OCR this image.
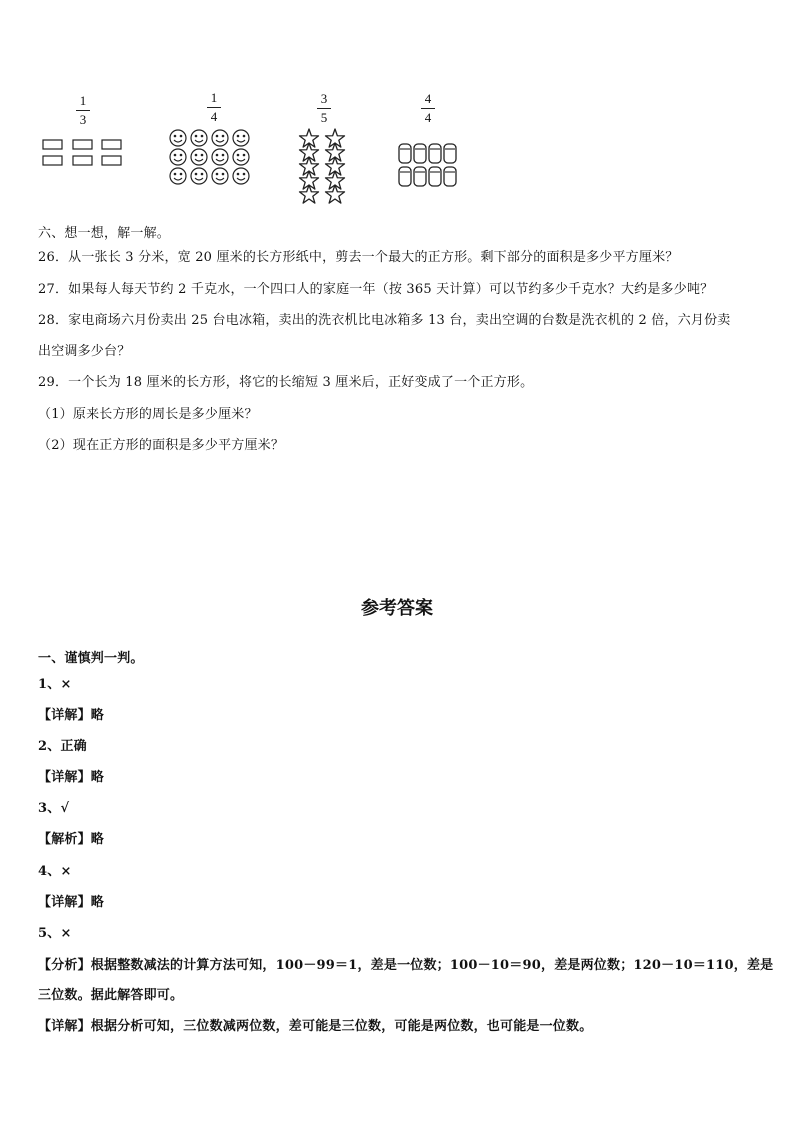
1
3
1
4
3
5
4
4
六、想一想，解一解。
26．从一张长 3 分米，宽 20 厘米的长方形纸中，剪去一个最大的正方形。剩下部分的面积是多少平方厘米？
27．如果每人每天节约 2 千克水，一个四口人的家庭一年（按 365 天计算）可以节约多少千克水？大约是多少吨？
28．家电商场六月份卖出 25 台电冰箱，卖出的洗衣机比电冰箱多 13 台，卖出空调的台数是洗衣机的 2 倍，六月份卖
出空调多少台？
29．一个长为 18 厘米的长方形，将它的长缩短 3 厘米后，正好变成了一个正方形。
（1）原来长方形的周长是多少厘米？
（2）现在正方形的面积是多少平方厘米？
参考答案
一、谨慎判一判。
1、×
【详解】略
2、正确
【详解】略
3、√
【解析】略
4、×
【详解】略
5、×
【分析】根据整数减法的计算方法可知，100－99＝1，差是一位数；100－10＝90，差是两位数；120－10＝110，差是
三位数。据此解答即可。
【详解】根据分析可知，三位数减两位数，差可能是三位数，可能是两位数，也可能是一位数。
